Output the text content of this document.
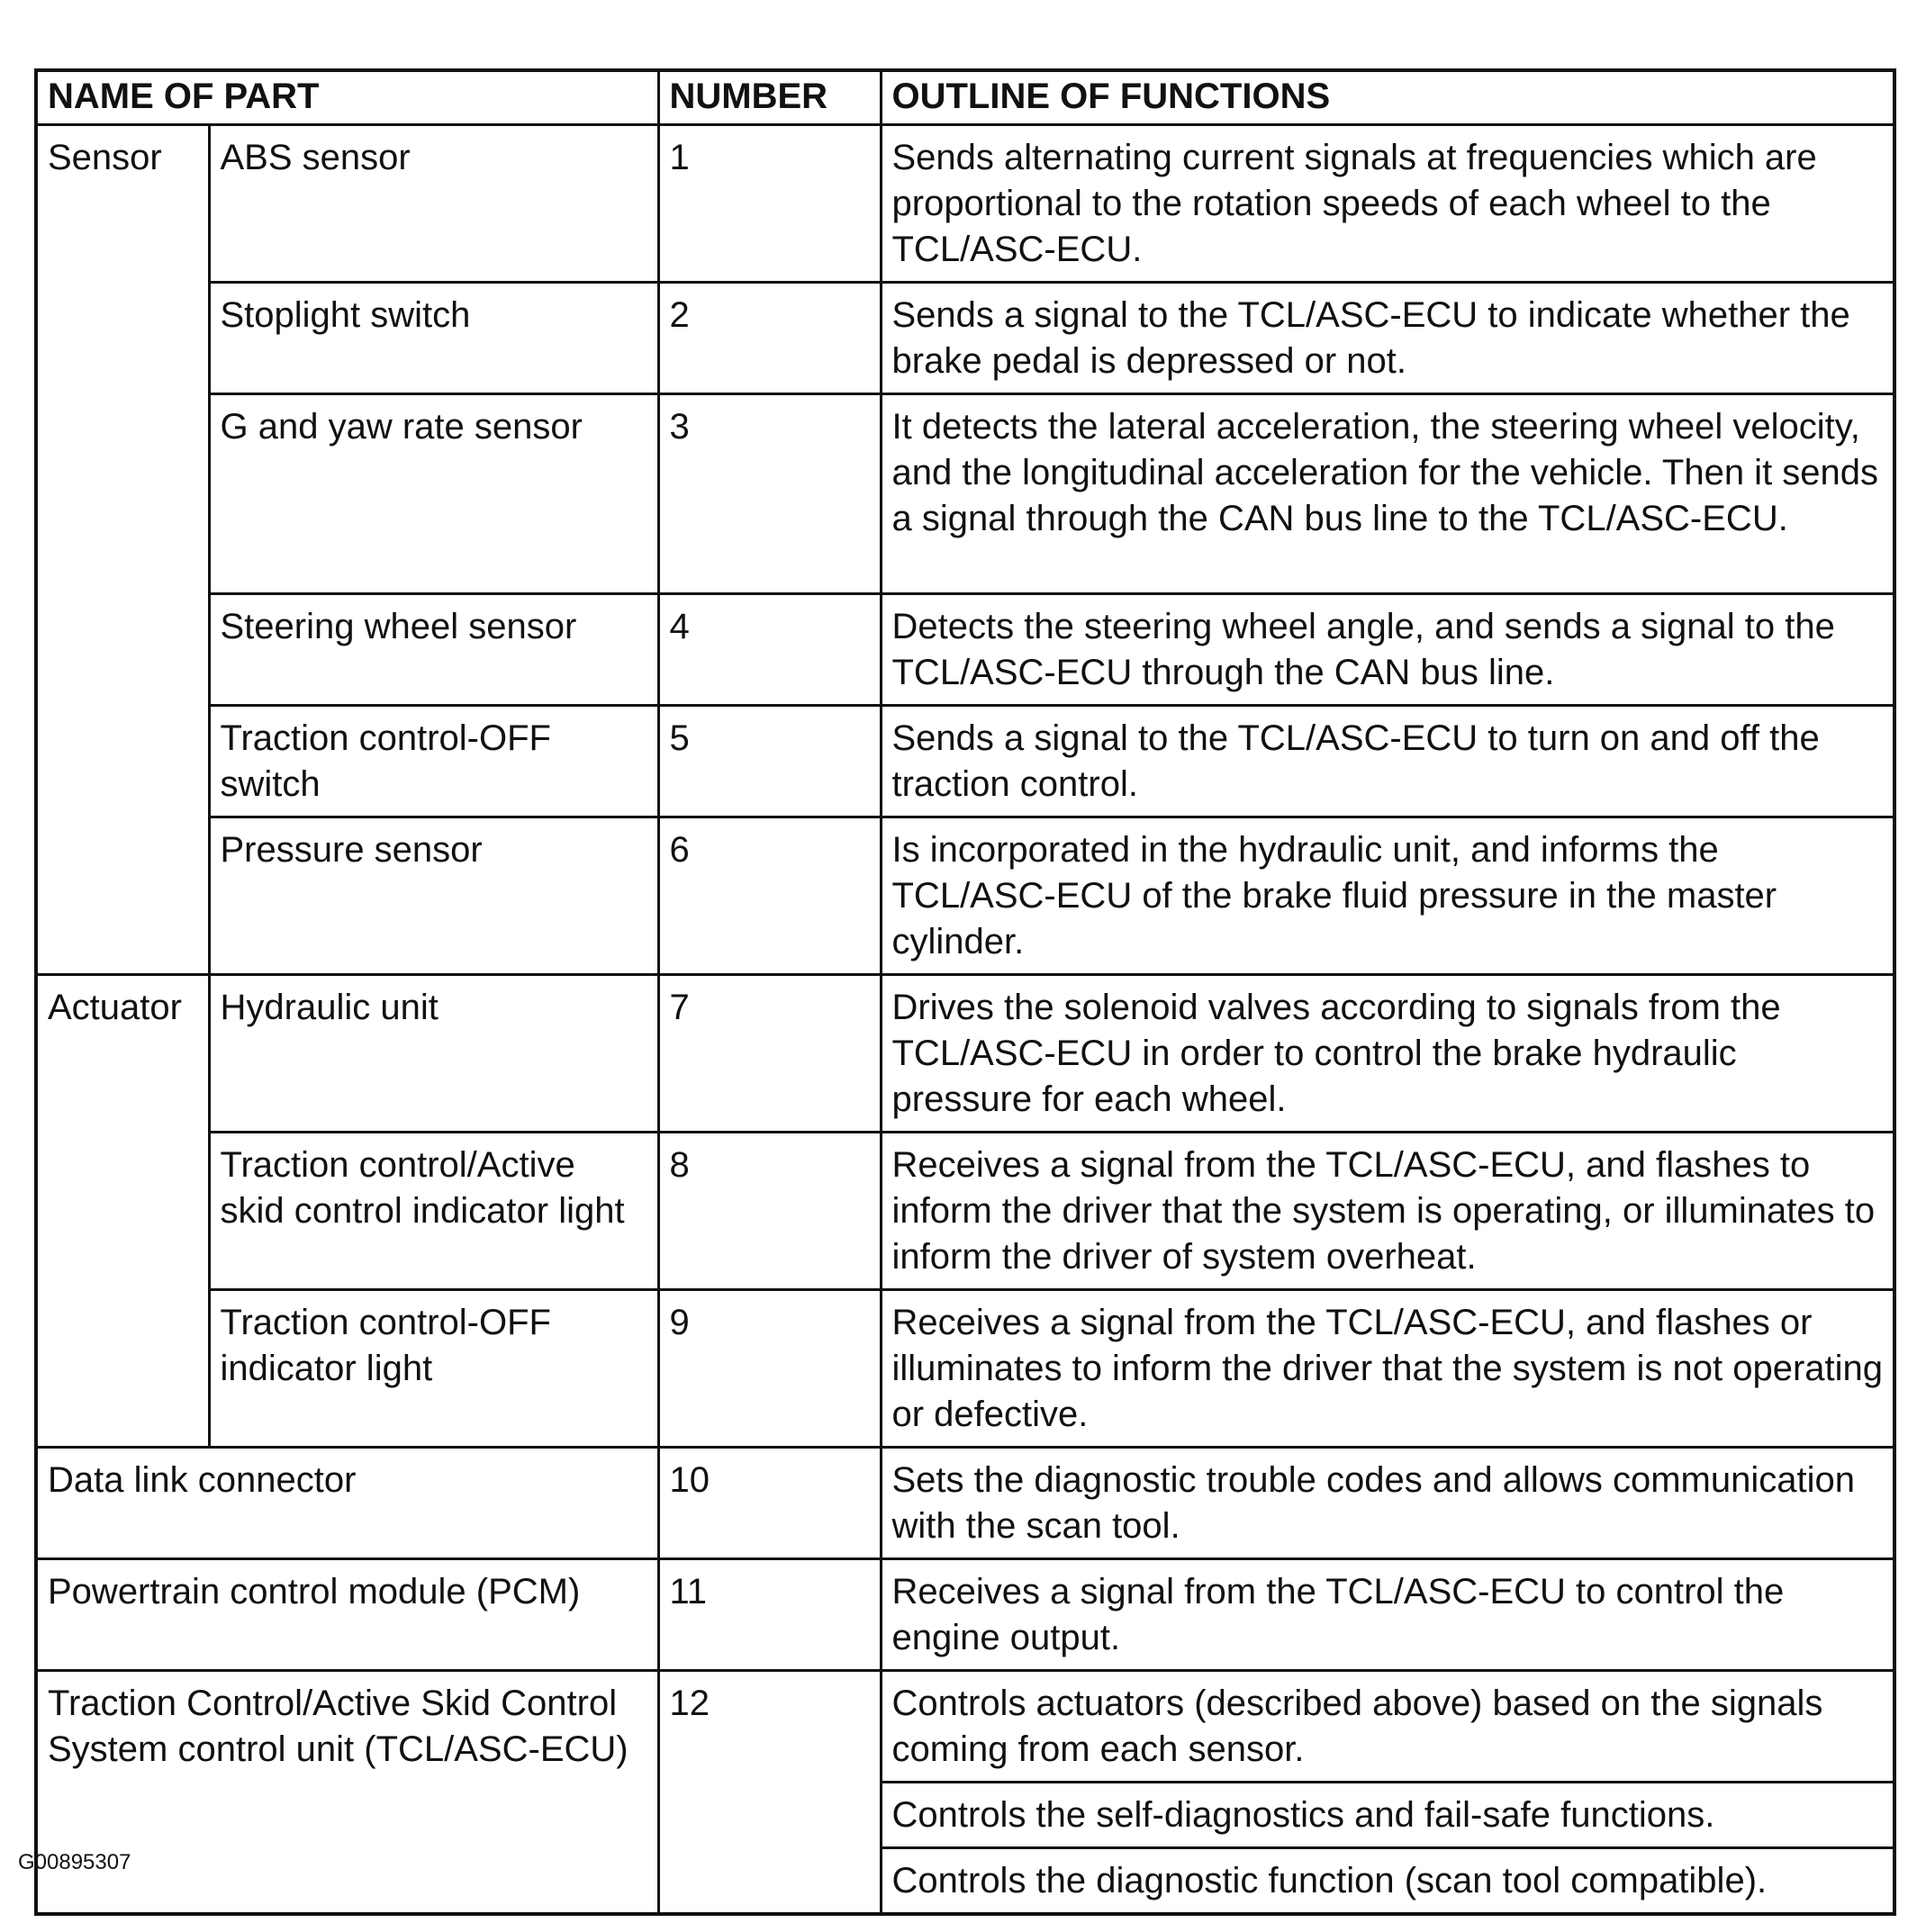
NAME OF PART		NUMBER	OUTLINE OF FUNCTIONS
Sensor	ABS sensor	1	Sends alternating current signals at frequencies which are proportional to the rotation speeds of each wheel to the TCL/ASC-ECU.
	Stoplight switch	2	Sends a signal to the TCL/ASC-ECU to indicate whether the brake pedal is depressed or not.
	G and yaw rate sensor	3	It detects the lateral acceleration, the steering wheel velocity, and the longitudinal acceleration for the vehicle. Then it sends a signal through the CAN bus line to the TCL/ASC-ECU.
	Steering wheel sensor	4	Detects the steering wheel angle, and sends a signal to the TCL/ASC-ECU through the CAN bus line.
	Traction control-OFF switch	5	Sends a signal to the TCL/ASC-ECU to turn on and off the traction control.
	Pressure sensor	6	Is incorporated in the hydraulic unit, and informs the TCL/ASC-ECU of the brake fluid pressure in the master cylinder.
Actuator	Hydraulic unit	7	Drives the solenoid valves according to signals from the TCL/ASC-ECU in order to control the brake hydraulic pressure for each wheel.
	Traction control/Active skid control indicator light	8	Receives a signal from the TCL/ASC-ECU, and flashes to inform the driver that the system is operating, or illuminates to inform the driver of system overheat.
	Traction control-OFF indicator light	9	Receives a signal from the TCL/ASC-ECU, and flashes or illuminates to inform the driver that the system is not operating or defective.
Data link connector		10	Sets the diagnostic trouble codes and allows communication with the scan tool.
Powertrain control module (PCM)		11	Receives a signal from the TCL/ASC-ECU to control the engine output.
Traction Control/Active Skid Control System control unit (TCL/ASC-ECU)		12	Controls actuators (described above) based on the signals coming from each sensor.
			Controls the self-diagnostics and fail-safe functions.
			Controls the diagnostic function (scan tool compatible).
G00895307
